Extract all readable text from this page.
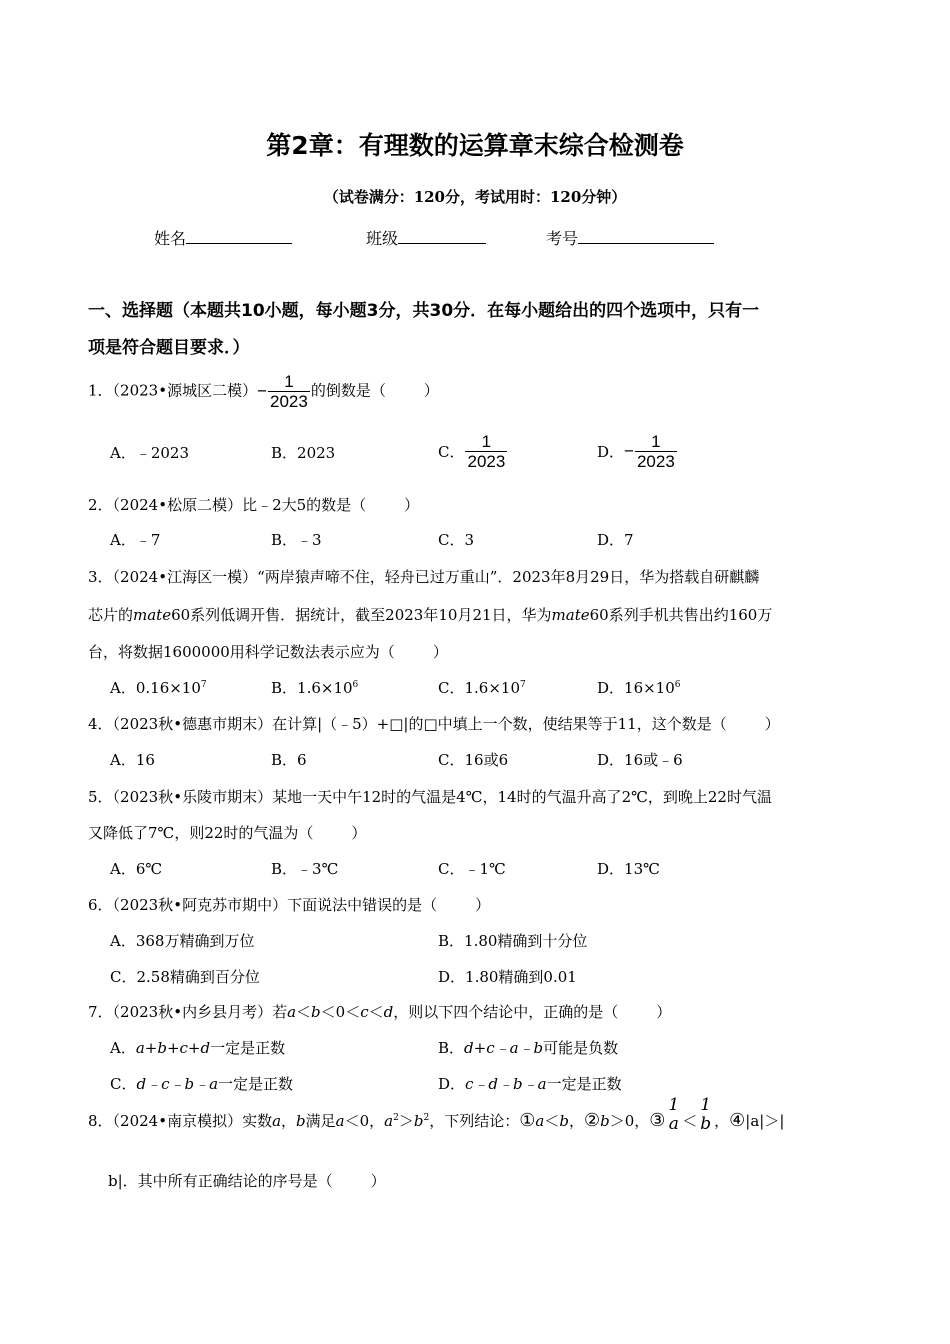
第2章：有理数的运算章末综合检测卷
（试卷满分：120分，考试用时：120分钟）
姓名	班级	考号
一、选择题（本题共10小题，每小题3分，共30分．在每小题给出的四个选项中，只有一
项是符合题目要求．）
1．（2023•源城区二模）− $\frac{1}{2023}$ 的倒数是（	）
A．﹣2023	B．2023	C． $\frac{1}{2023}$	D．− $\frac{1}{2023}$
2．（2024•松原二模）比﹣2大5的数是（	）
A．﹣7	B．﹣3	C．3	D．7
3．（2024•江海区一模）“两岸猿声啼不住，轻舟已过万重山”．2023年8月29日，华为搭载自研麒麟
芯片的mate60系列低调开售．据统计，截至2023年10月21日，华为mate60系列手机共售出约160万
台，将数据1600000用科学记数法表示应为（	）
A．$0.16\times 10^7$	B．$1.6\times 10^6$	C．$1.6\times 10^7$	D．$16\times 10^6$
4．（2023秋•德惠市期末）在计算|（﹣5）+□|的□中填上一个数，使结果等于11，这个数是（	）
A．16	B．6	C．16或6	D．16或﹣6
5．（2023秋•乐陵市期末）某地一天中午12时的气温是4℃，14时的气温升高了2℃，到晚上22时气温
又降低了7℃，则22时的气温为（	）
A．6℃	B．﹣3℃	C．﹣1℃	D．13℃
6．（2023秋•阿克苏市期中）下面说法中错误的是（	）
A．368万精确到万位	B．1.80精确到十分位
C．2.58精确到百分位	D．1.80精确到0.01
7．（2023秋•内乡县月考）若a＜b＜0＜c＜d，则以下四个结论中，正确的是（	）
A．a+b+c+d一定是正数	B．d+c﹣a﹣b可能是负数
C．d﹣c﹣b﹣a一定是正数	D．c﹣d﹣b﹣a一定是正数
8．（2024•南京模拟）实数a，b满足a＜0，$a^2>b^2$，下列结论：①a＜b，②b＞0，③
1
a ＜
1
b ，④|a|＞|
b|．其中所有正确结论的序号是（	）
